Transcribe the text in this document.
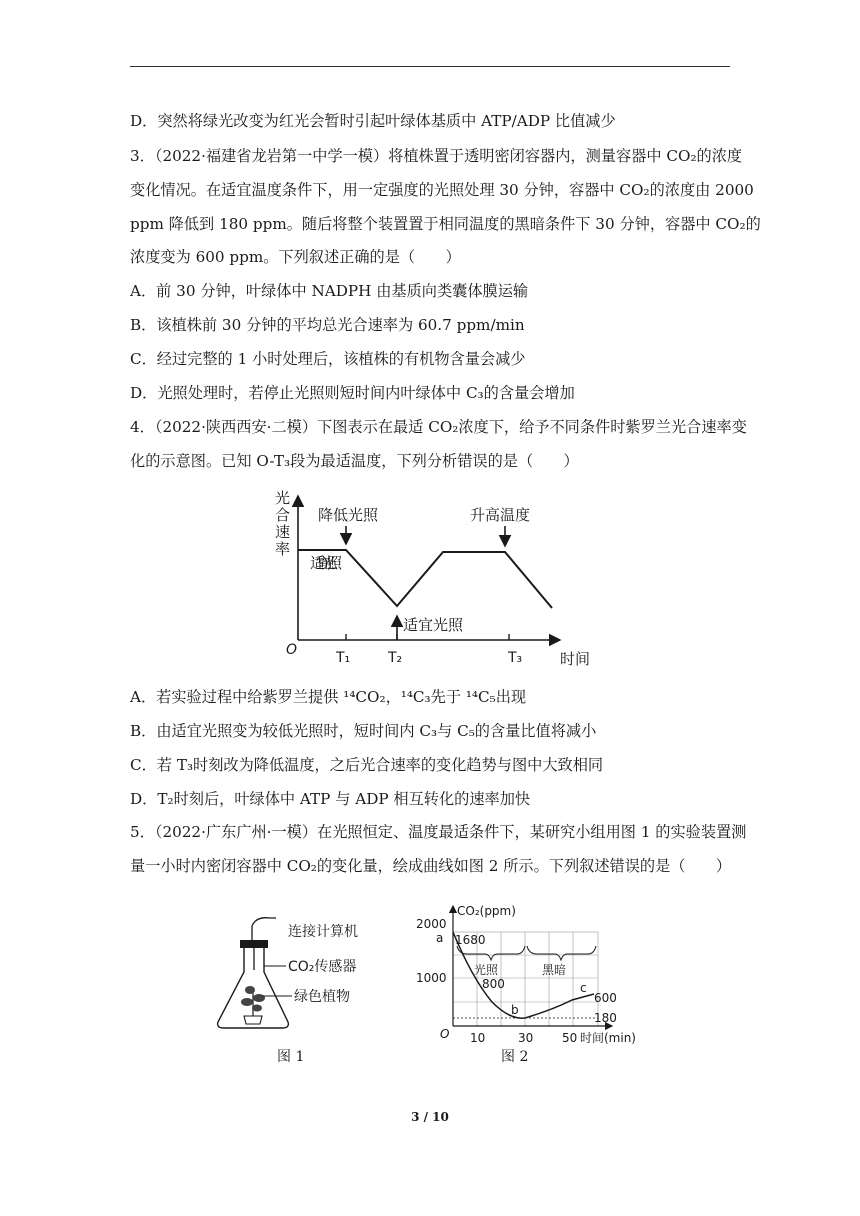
D．突然将绿光改变为红光会暂时引起叶绿体基质中 ATP/ADP 比值减少
3．（2022·福建省龙岩第一中学一模）将植株置于透明密闭容器内，测量容器中 CO₂的浓度
变化情况。在适宜温度条件下，用一定强度的光照处理 30 分钟，容器中 CO₂的浓度由 2000
ppm 降低到 180 ppm。随后将整个装置置于相同温度的黑暗条件下 30 分钟，容器中 CO₂的
浓度变为 600 ppm。下列叙述正确的是（　　）
A．前 30 分钟，叶绿体中 NADPH 由基质向类囊体膜运输
B．该植株前 30 分钟的平均总光合速率为 60.7 ppm/min
C．经过完整的 1 小时处理后，该植株的有机物含量会减少
D．光照处理时，若停止光照则短时间内叶绿体中 C₃的含量会增加
4．（2022·陕西西安·二模）下图表示在最适 CO₂浓度下，给予不同条件时紫罗兰光合速率变
化的示意图。已知 O-T₃段为最适温度，下列分析错误的是（　　）
光合速率
时间
O	T₁	T₂	T₃
降低光照	升高温度
适宜光照
适宜光照
A．若实验过程中给紫罗兰提供 ¹⁴CO₂，¹⁴C₃先于 ¹⁴C₅出现
B．由适宜光照变为较低光照时，短时间内 C₃与 C₅的含量比值将减小
C．若 T₃时刻改为降低温度，之后光合速率的变化趋势与图中大致相同
D．T₂时刻后，叶绿体中 ATP 与 ADP 相互转化的速率加快
5．（2022·广东广州·一模）在光照恒定、温度最适条件下，某研究小组用图 1 的实验装置测
量一小时内密闭容器中 CO₂的变化量，绘成曲线如图 2 所示。下列叙述错误的是（　　）
连接计算机
CO₂传感器
绿色植物
图 1
CO₂(ppm)
时间(min)
O
2000
1000
10	30 50
光照	黑暗
1680
800
600
180
a
b
c
图 2
3 / 10
